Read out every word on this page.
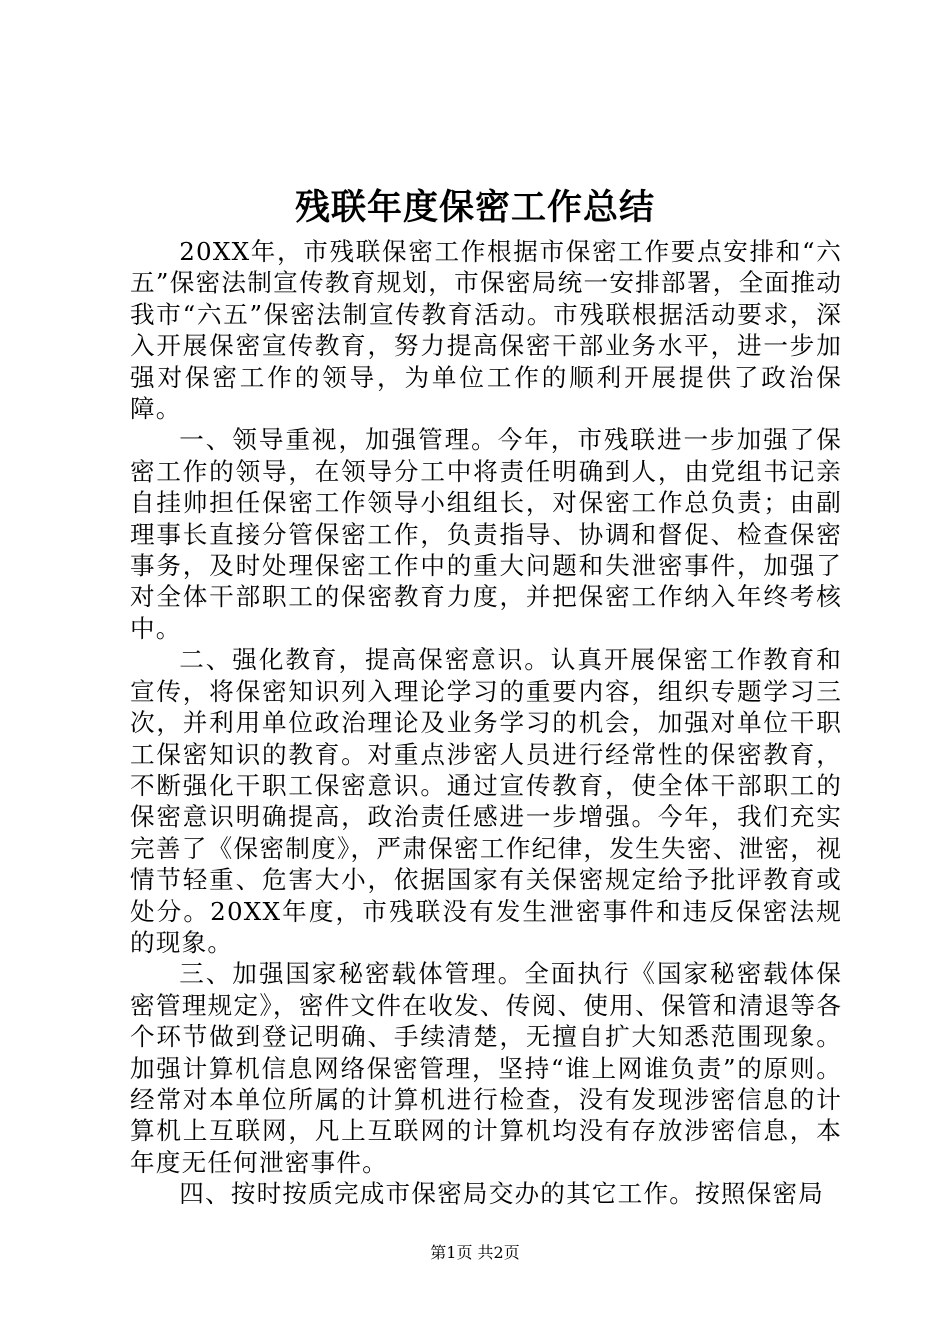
残联年度保密工作总结

20XX年，市残联保密工作根据市保密工作要点安排和“六五”保密法制宣传教育规划，市保密局统一安排部署，全面推动我市“六五”保密法制宣传教育活动。市残联根据活动要求，深入开展保密宣传教育，努力提高保密干部业务水平，进一步加强对保密工作的领导，为单位工作的顺利开展提供了政治保障。

一、领导重视，加强管理。今年，市残联进一步加强了保密工作的领导，在领导分工中将责任明确到人，由党组书记亲自挂帅担任保密工作领导小组组长，对保密工作总负责；由副理事长直接分管保密工作，负责指导、协调和督促、检查保密事务，及时处理保密工作中的重大问题和失泄密事件，加强了对全体干部职工的保密教育力度，并把保密工作纳入年终考核中。

二、强化教育，提高保密意识。认真开展保密工作教育和宣传，将保密知识列入理论学习的重要内容，组织专题学习三次，并利用单位政治理论及业务学习的机会，加强对单位干职工保密知识的教育。对重点涉密人员进行经常性的保密教育，不断强化干职工保密意识。通过宣传教育，使全体干部职工的保密意识明确提高，政治责任感进一步增强。今年，我们充实完善了《保密制度》，严肃保密工作纪律，发生失密、泄密，视情节轻重、危害大小，依据国家有关保密规定给予批评教育或处分。20XX年度，市残联没有发生泄密事件和违反保密法规的现象。

三、加强国家秘密载体管理。全面执行《国家秘密载体保密管理规定》，密件文件在收发、传阅、使用、保管和清退等各个环节做到登记明确、手续清楚，无擅自扩大知悉范围现象。加强计算机信息网络保密管理，坚持“谁上网谁负责”的原则。经常对本单位所属的计算机进行检查，没有发现涉密信息的计算机上互联网，凡上互联网的计算机均没有存放涉密信息，本年度无任何泄密事件。

四、按时按质完成市保密局交办的其它工作。按照保密局

第1页 共2页
